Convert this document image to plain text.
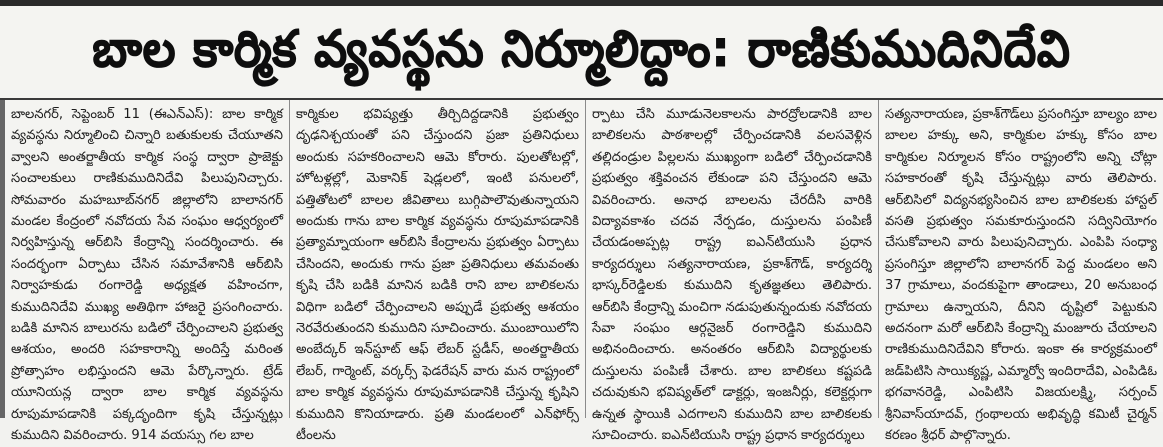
బాల కార్మిక వ్యవస్థను నిర్మూలిద్దాం: రాణికుముదినిదేవి

బాలనగర్, సెప్టెంబర్ 11 (ఈఎన్ఎస్): బాల కార్మిక వ్యవస్థను నిర్మూలించి చిన్నారి బతుకులకు చేయూతని వ్వాలని అంతర్జాతీయ కార్మిక సంస్థ ద్వారా ప్రాజెక్టు సంచాలకులు రాణికుముదినిదేవి పిలుపునిచ్చారు. సోమవారం మహబూబ్‌నగర్ జిల్లాలోని బాలానగర్ మండల కేంద్రంలో నవోదయ సేవ సంఘం ఆధ్వర్యంలో నిర్వహిస్తున్న ఆర్‌బిసి కేంద్రాన్ని సందర్శించారు. ఈ సందర్భంగా ఏర్పాటు చేసిన సమావేశానికి ఆర్‌బిసి నిర్వాహకుడు రంగారెడ్డి అధ్యక్షత వహించగా, కుముదినిదేవి ముఖ్య అతిథిగా హాజరై ప్రసంగించారు. బడికి మానిన బాలురను బడిలో చేర్పించాలని ప్రభుత్వ ఆశయం, అందరి సహకారాన్ని అందిస్తే మరింత ప్రోత్సాహం లభిస్తుందని ఆమె పేర్కొన్నారు. ట్రేడ్ యూనియన్ల ద్వారా బాల కార్మిక వ్యవస్థను రూపుమాపడానికి పక్కదృందిగా కృషి చేస్తున్నట్లు కుముదిని వివరించారు. 914 వయస్సు గల బాల

కార్మికుల భవిష్యత్తు తీర్చిదిద్దడానికి ప్రభుత్వం దృఢనిశ్చయంతో పని చేస్తుందని ప్రజా ప్రతినిధులు అందుకు సహకరించాలని ఆమె కోరారు. పులతోటల్లో, హోటళ్లల్లో, మెకానిక్ షెడ్లలలో, ఇంటి పనులలో, పత్తితోటలో బాలల జీవితాలు బుగ్గిపాలౌవుతున్నాయని అందుకు గాను బాల కార్మిక వ్యవస్థను రూపుమాపడానికి ప్రత్యామ్నాయంగా ఆర్‌బిసి కేంద్రాలను ప్రభుత్వం ఏర్పాటు చేసిందని, అందుకు గాను ప్రజా ప్రతినిధులు తమవంతు కృషి చేసి బడికి మానిన బడికి రాని బాల బాలికలను విధిగా బడిలో చేర్పించాలని అప్పుడే ప్రభుత్వ ఆశయం నెరవేరుతుందని కుముదిని సూచించారు. ముంబాయిలోని అంబేద్కర్ ఇన్‌స్టూట్ ఆఫ్ లేబర్ స్టడీస్, అంతర్జాతీయ లేబర్, గార్మెంట్, వర్కర్స్ ఫెడరేషన్ వారు మన రాష్ట్రంలో బాల కార్మిక వ్యవస్థను రూపుమాపడానికి చేస్తున్న కృషిని కుముదిని కొనియాడారు. ప్రతి మండలంలో ఎన్‌ఫోర్స్ టీంలను

ర్పాటు చేసి మూడునెలకాలను పారద్రోలడానికి బాల బాలికలను పాఠశాలల్లో చేర్పించడానికి వలసవెళ్లిన తల్లిదండ్రుల పిల్లలను ముఖ్యంగా బడిలో చేర్పించడానికి ప్రభుత్వం శక్తివంచన లేకుండా పని చేస్తుందని ఆమె వివరించారు. అనాధ బాలలను చేరదీసి వారికి విద్యావకాశం చదవ నేర్పడం, దుస్తులను పంపిణీ చేయడంఅప్పట్ల రాష్ట్ర ఐఎన్‌టియుసి ప్రధాన కార్యదర్శులు సత్యనారాయణ, ప్రకాశ్‌గౌడ్, కార్యదర్శి భాస్కర్‌రెడ్డిలకు కుముదిని కృతజ్ఞతలు తెలిపారు. ఆర్‌బిసి కేంద్రాన్ని మంచిగా నడుపుతున్నందుకు నవోదయ సేవా సంఘం ఆర్గనైజర్ రంగారెడ్డిని కుముదిని అభినందించారు. అనంతరం ఆర్‌బిసి విద్యార్థులకు దుస్తులను పంపిణీ చేశారు. బాల బాలికలు కష్టపడి చదువుకుని భవిష్యత్‌లో డాక్టర్లు, ఇంజనీర్లు, కలెక్టర్లుగా ఉన్నత స్థాయికి ఎదగాలని కుముదిని బాల బాలికలకు సూచించారు. ఐఎన్‌టియుసి రాష్ట్ర ప్రధాన కార్యదర్శులు

సత్యనారాయణ, ప్రకాశ్‌గౌడ్‌లు ప్రసంగిస్తూ బాల్యం బాల బాలల హక్కు అని, కార్మికుల హక్కు కోసం బాల కార్మికుల నిర్మూలన కోసం రాష్ట్రంలోని అన్ని చోట్లా సహకారంతో కృషి చేస్తున్నట్లు వారు తెలిపారు. ఆర్‌బిసిలో విద్యనభ్యసించిన బాల బాలికలకు హాస్టల్ వసతి ప్రభుత్వం సమకూరుస్తుందని సద్వినియోగం చేసుకోవాలని వారు పిలుపునిచ్చారు. ఎంపిపి సంధ్యా ప్రసంగిస్తూ జిల్లాలోని బాలానగర్ పెద్ద మండలం అని 37 గ్రామాలు, వందకుపైగా తాండాలు, 20 అనుబంధ గ్రామాలు ఉన్నాయని, దీనిని దృష్టిలో పెట్టుకుని అదనంగా మరో ఆర్‌బిసి కేంద్రాన్ని మంజూరు చేయాలని రాణికుముదినిదేవిని కోరారు. ఇంకా ఈ కార్యక్రమంలో జడ్‌పిటిసి సాయిక్యష్ణ, ఎమ్మార్వో ఇందిరాదేవి, ఎంపిడిఓ భగవానరెడ్డి, ఎంపిటిసి విజయలక్ష్మి, సర్పంచ్ శ్రీనివాస్‌యాదవ్, గ్రంథాలయ అభివృద్ధి కమిటీ చైర్మన్ కరణం శ్రీధర్ పాల్గొన్నారు.
